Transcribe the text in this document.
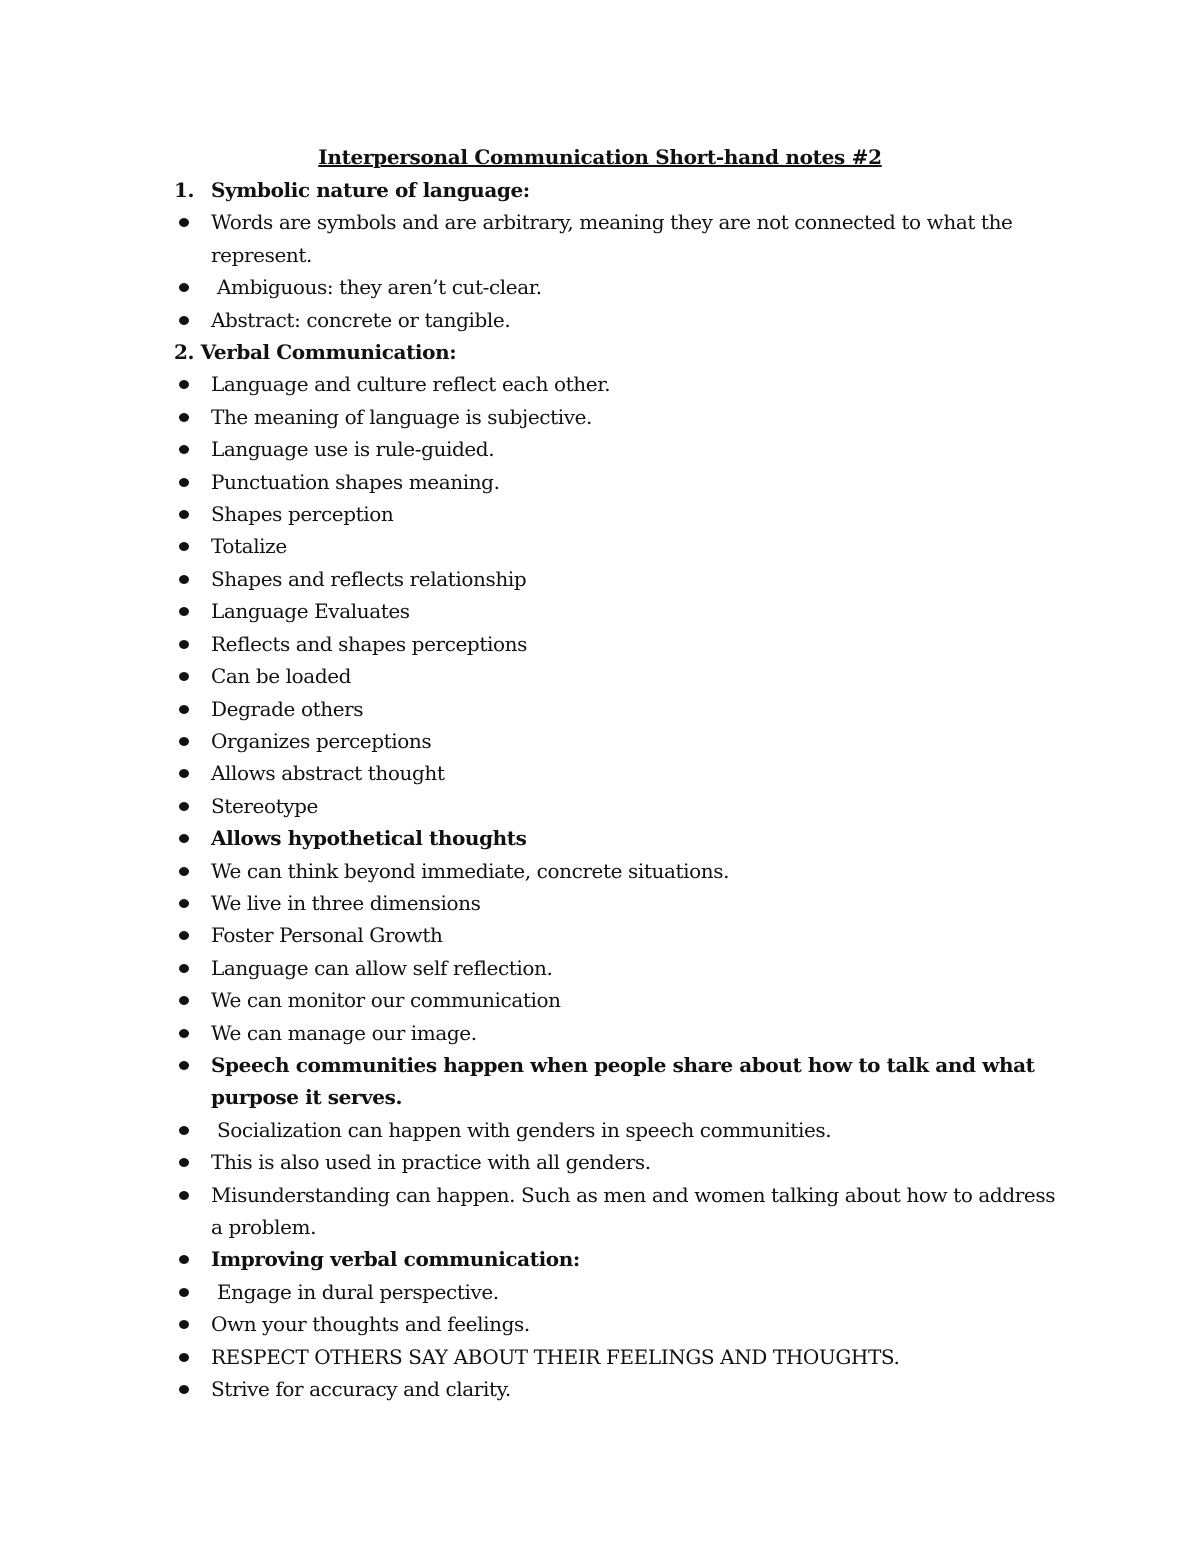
Interpersonal Communication Short-hand notes #2
1. Symbolic nature of language:
Words are symbols and are arbitrary, meaning they are not connected to what the represent.
Ambiguous: they aren’t cut-clear.
Abstract: concrete or tangible.
2. Verbal Communication:
Language and culture reflect each other.
The meaning of language is subjective.
Language use is rule-guided.
Punctuation shapes meaning.
Shapes perception
Totalize
Shapes and reflects relationship
Language Evaluates
Reflects and shapes perceptions
Can be loaded
Degrade others
Organizes perceptions
Allows abstract thought
Stereotype
Allows hypothetical thoughts
We can think beyond immediate, concrete situations.
We live in three dimensions
Foster Personal Growth
Language can allow self reflection.
We can monitor our communication
We can manage our image.
Speech communities happen when people share about how to talk and what purpose it serves.
Socialization can happen with genders in speech communities.
This is also used in practice with all genders.
Misunderstanding can happen. Such as men and women talking about how to address a problem.
Improving verbal communication:
Engage in dural perspective.
Own your thoughts and feelings.
RESPECT OTHERS SAY ABOUT THEIR FEELINGS AND THOUGHTS.
Strive for accuracy and clarity.
